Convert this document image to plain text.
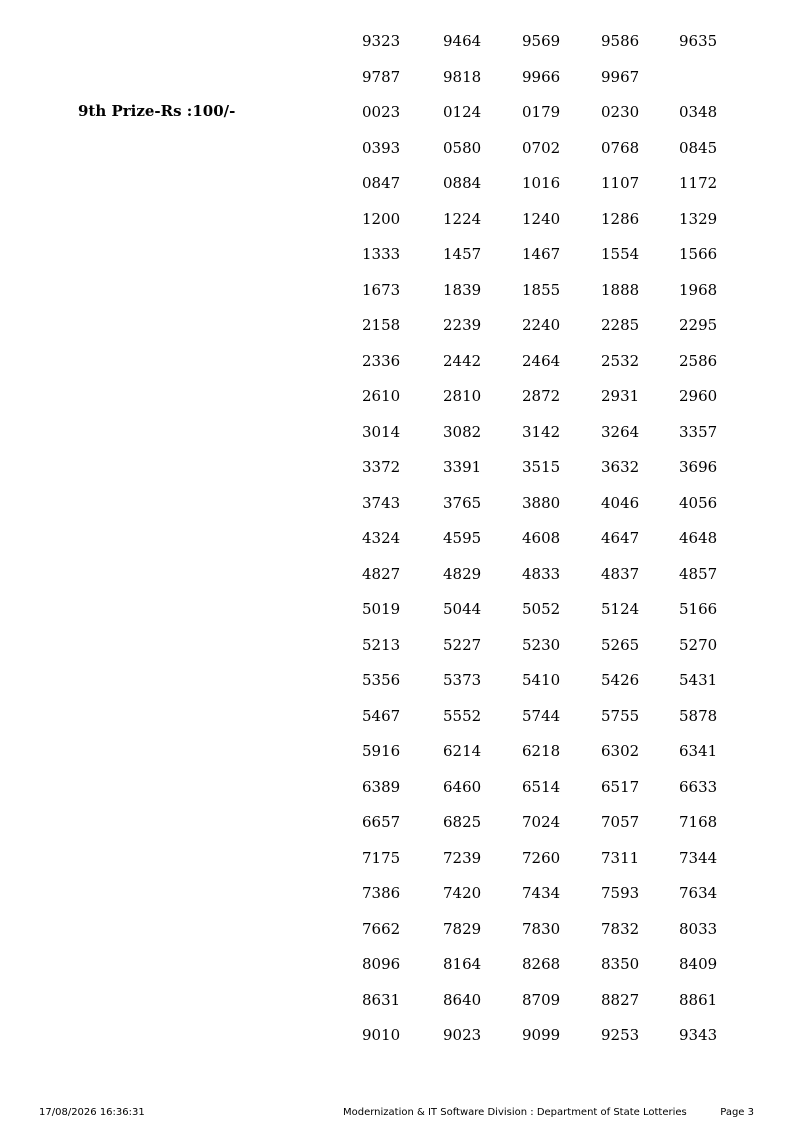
9th Prize-Rs :100/-
9323	9464	9569	9586	9635
9787	9818	9966	9967
0023	0124	0179	0230	0348
0393	0580	0702	0768	0845
0847	0884	1016	1107	1172
1200	1224	1240	1286	1329
1333	1457	1467	1554	1566
1673	1839	1855	1888	1968
2158	2239	2240	2285	2295
2336	2442	2464	2532	2586
2610	2810	2872	2931	2960
3014	3082	3142	3264	3357
3372	3391	3515	3632	3696
3743	3765	3880	4046	4056
4324	4595	4608	4647	4648
4827	4829	4833	4837	4857
5019	5044	5052	5124	5166
5213	5227	5230	5265	5270
5356	5373	5410	5426	5431
5467	5552	5744	5755	5878
5916	6214	6218	6302	6341
6389	6460	6514	6517	6633
6657	6825	7024	7057	7168
7175	7239	7260	7311	7344
7386	7420	7434	7593	7634
7662	7829	7830	7832	8033
8096	8164	8268	8350	8409
8631	8640	8709	8827	8861
9010	9023	9099	9253	9343
17/08/2026 16:36:31	Modernization & IT Software Division : Department of State Lotteries	Page 3
